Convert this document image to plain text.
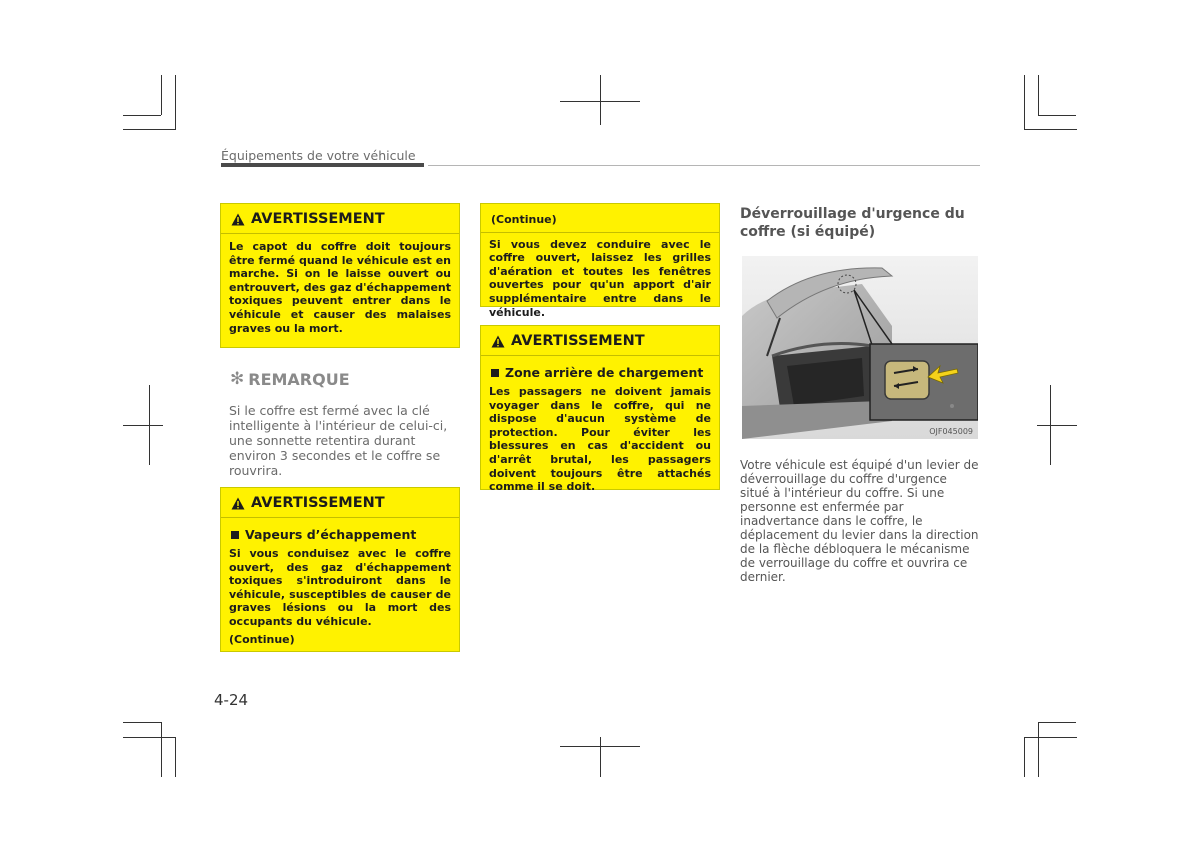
Équipements de votre véhicule
AVERTISSEMENT

Le capot du coffre doit toujours être fermé quand le véhicule est en marche. Si on le laisse ouvert ou entrouvert, des gaz d'échappement toxiques peuvent entrer dans le véhicule et causer des malaises graves ou la mort.

✻ REMARQUE
Si le coffre est fermé avec la clé intelligente à l'intérieur de celui-ci, une sonnette retentira durant environ 3 secondes et le coffre se rouvrira.
AVERTISSEMENT
Vapeurs d’échappement

Si vous conduisez avec le coffre ouvert, des gaz d'échappement toxiques s'introduiront dans le véhicule, susceptibles de causer de graves lésions ou la mort des occupants du véhicule.

(Continue)

(Continue)

Si vous devez conduire avec le coffre ouvert, laissez les grilles d'aération et toutes les fenêtres ouvertes pour qu'un apport d'air supplémentaire entre dans le véhicule.

AVERTISSEMENT
Zone arrière de chargement

Les passagers ne doivent jamais voyager dans le coffre, qui ne dispose d'aucun système de protection. Pour éviter les blessures en cas d'accident ou d'arrêt brutal, les passagers doivent toujours être attachés comme il se doit.

Déverrouillage d'urgence du coffre (si équipé)
OJF045009
Votre véhicule est équipé d'un levier de déverrouillage du coffre d'urgence situé à l'intérieur du coffre. Si une personne est enfermée par inadvertance dans le coffre, le déplacement du levier dans la direction de la flèche débloquera le mécanisme de verrouillage du coffre et ouvrira ce dernier.
4-24
